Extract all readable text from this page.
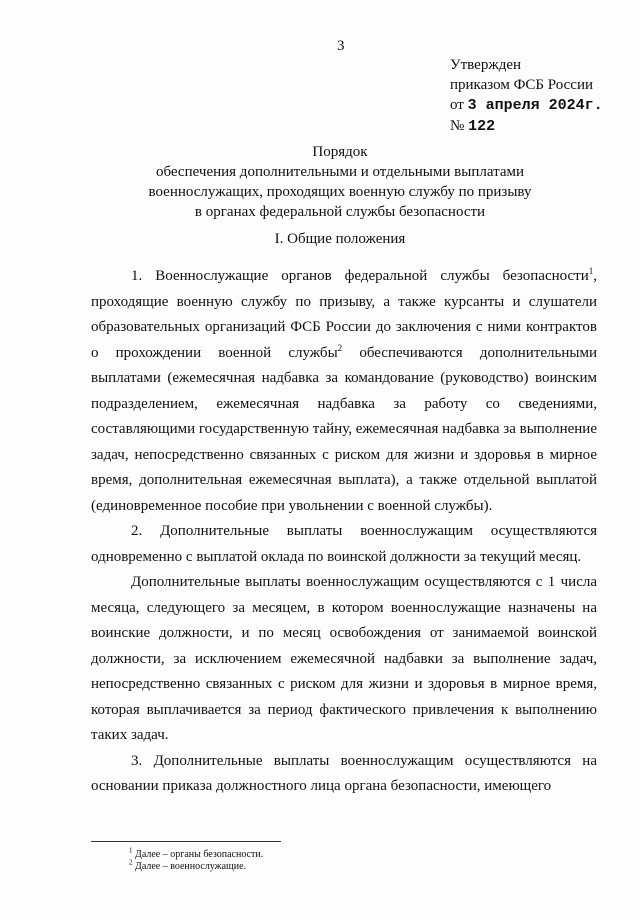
3
Утвержден
приказом ФСБ России
от 3 апреля 2024г.
№ 122
Порядок
обеспечения дополнительными и отдельными выплатами
военнослужащих, проходящих военную службу по призыву
в органах федеральной службы безопасности
I. Общие положения

1. Военнослужащие органов федеральной службы безопасности$^1$, проходящие военную службу по призыву, а также курсанты и слушатели образовательных организаций ФСБ России до заключения с ними контрактов о прохождении военной службы$^2$ обеспечиваются дополнительными выплатами (ежемесячная надбавка за командование (руководство) воинским подразделением, ежемесячная надбавка за работу со сведениями, составляющими государственную тайну, ежемесячная надбавка за выполнение задач, непосредственно связанных с риском для жизни и здоровья в мирное время, дополнительная ежемесячная выплата), а также отдельной выплатой (единовременное пособие при увольнении с военной службы).

2. Дополнительные выплаты военнослужащим осуществляются одновременно с выплатой оклада по воинской должности за текущий месяц.

Дополнительные выплаты военнослужащим осуществляются с 1 числа месяца, следующего за месяцем, в котором военнослужащие назначены на воинские должности, и по месяц освобождения от занимаемой воинской должности, за исключением ежемесячной надбавки за выполнение задач, непосредственно связанных с риском для жизни и здоровья в мирное время, которая выплачивается за период фактического привлечения к выполнению таких задач.

3. Дополнительные выплаты военнослужащим осуществляются на основании приказа должностного лица органа безопасности, имеющего

$^1$ Далее – органы безопасности.
$^2$ Далее – военнослужащие.
